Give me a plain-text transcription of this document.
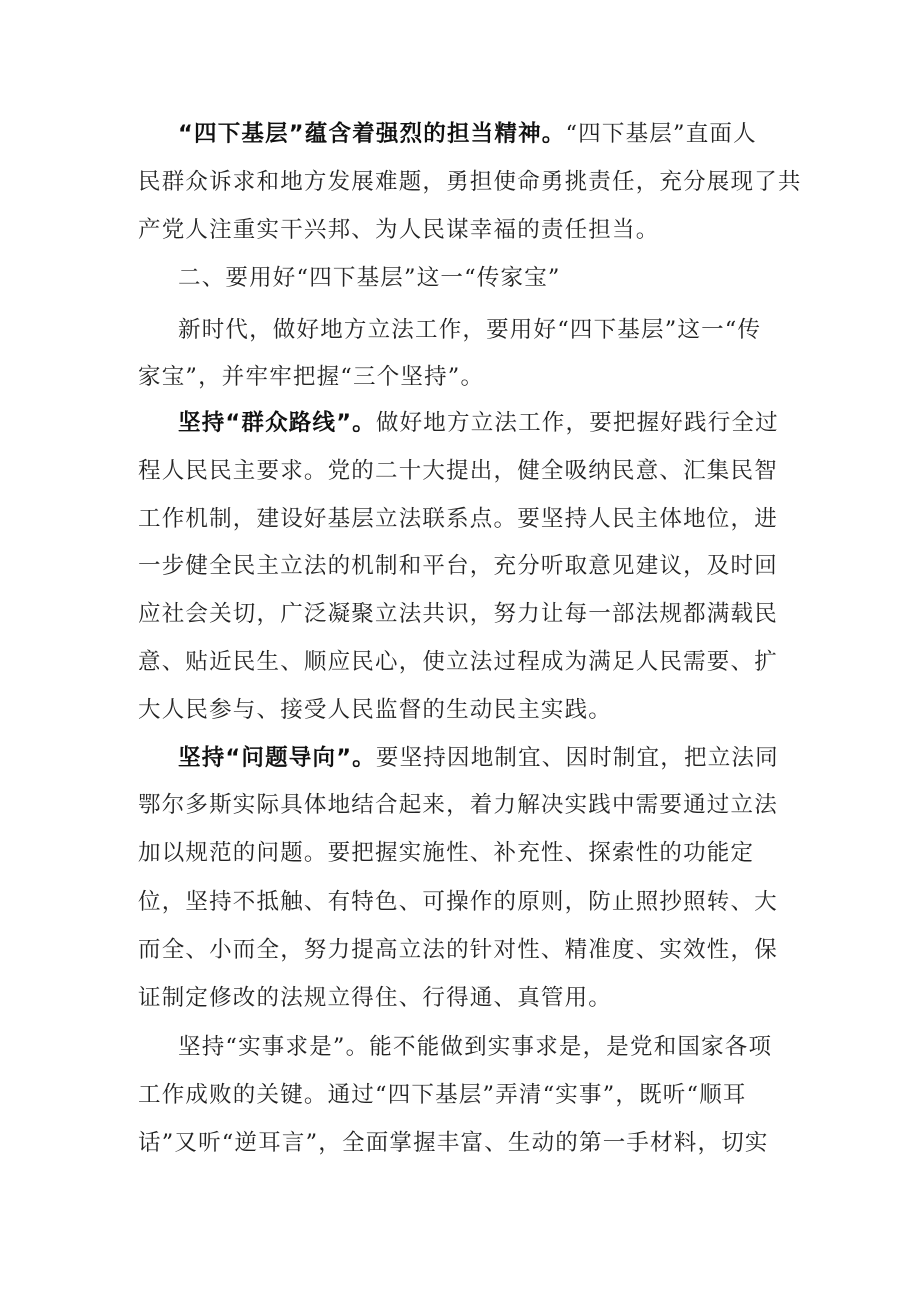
“四下基层”蕴含着强烈的担当精神。“四下基层”直面人

民群众诉求和地方发展难题，勇担使命勇挑责任，充分展现了共

产党人注重实干兴邦、为人民谋幸福的责任担当。

二、要用好“四下基层”这一“传家宝”

新时代，做好地方立法工作，要用好“四下基层”这一“传

家宝”，并牢牢把握“三个坚持”。

坚持“群众路线”。做好地方立法工作，要把握好践行全过

程人民民主要求。党的二十大提出，健全吸纳民意、汇集民智

工作机制，建设好基层立法联系点。要坚持人民主体地位，进

一步健全民主立法的机制和平台，充分听取意见建议，及时回

应社会关切，广泛凝聚立法共识，努力让每一部法规都满载民

意、贴近民生、顺应民心，使立法过程成为满足人民需要、扩

大人民参与、接受人民监督的生动民主实践。

坚持“问题导向”。要坚持因地制宜、因时制宜，把立法同

鄂尔多斯实际具体地结合起来，着力解决实践中需要通过立法

加以规范的问题。要把握实施性、补充性、探索性的功能定

位，坚持不抵触、有特色、可操作的原则，防止照抄照转、大

而全、小而全，努力提高立法的针对性、精准度、实效性，保

证制定修改的法规立得住、行得通、真管用。

坚持“实事求是”。能不能做到实事求是，是党和国家各项

工作成败的关键。通过“四下基层”弄清“实事”，既听“顺耳

话”又听“逆耳言”，全面掌握丰富、生动的第一手材料，切实
